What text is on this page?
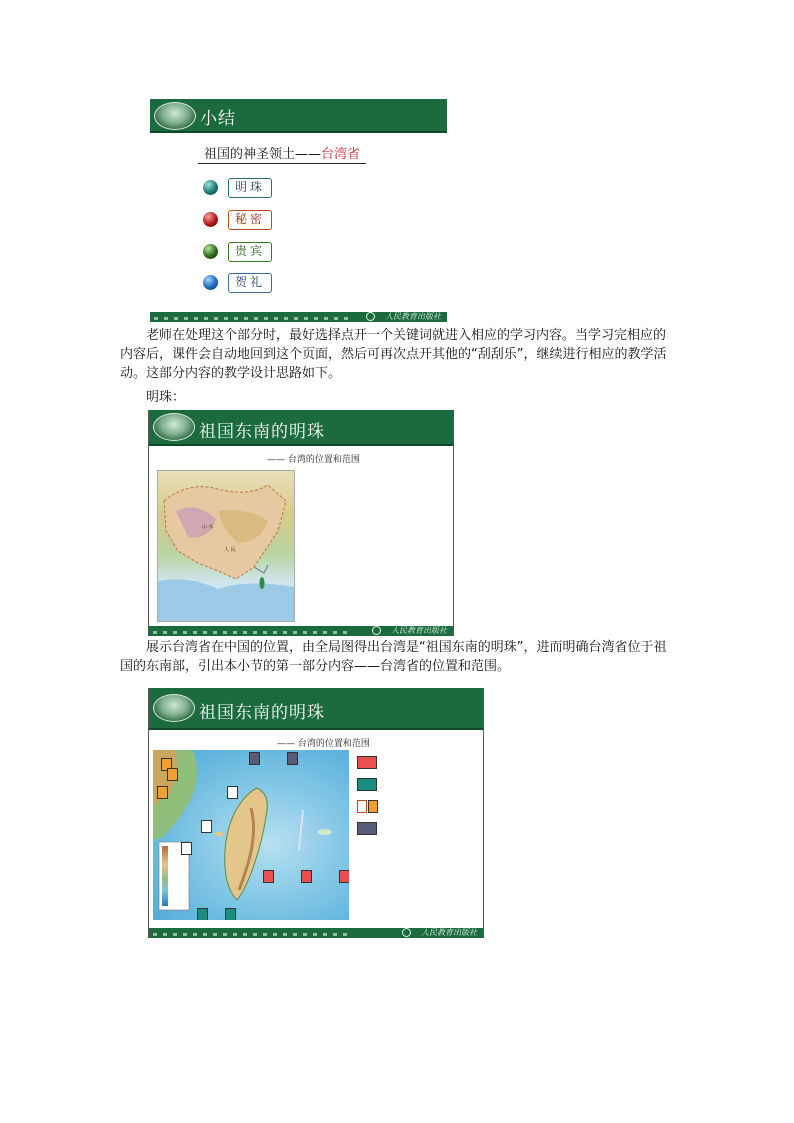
小结
祖国的神圣领土——台湾省
明珠
秘密
贵宾
贺礼
人民教育出版社
老师在处理这个部分时，最好选择点开一个关键词就进入相应的学习内容。当学习完相应的内容后，课件会自动地回到这个页面，然后可再次点开其他的“刮刮乐”，继续进行相应的教学活动。这部分内容的教学设计思路如下。
明珠：
祖国东南的明珠
—— 台湾的位置和范围
中 华
人 民
人民教育出版社
展示台湾省在中国的位置，由全局图得出台湾是“祖国东南的明珠”，进而明确台湾省位于祖国的东南部，引出本小节的第一部分内容——台湾省的位置和范围。
祖国东南的明珠
—— 台湾的位置和范围
人民教育出版社
